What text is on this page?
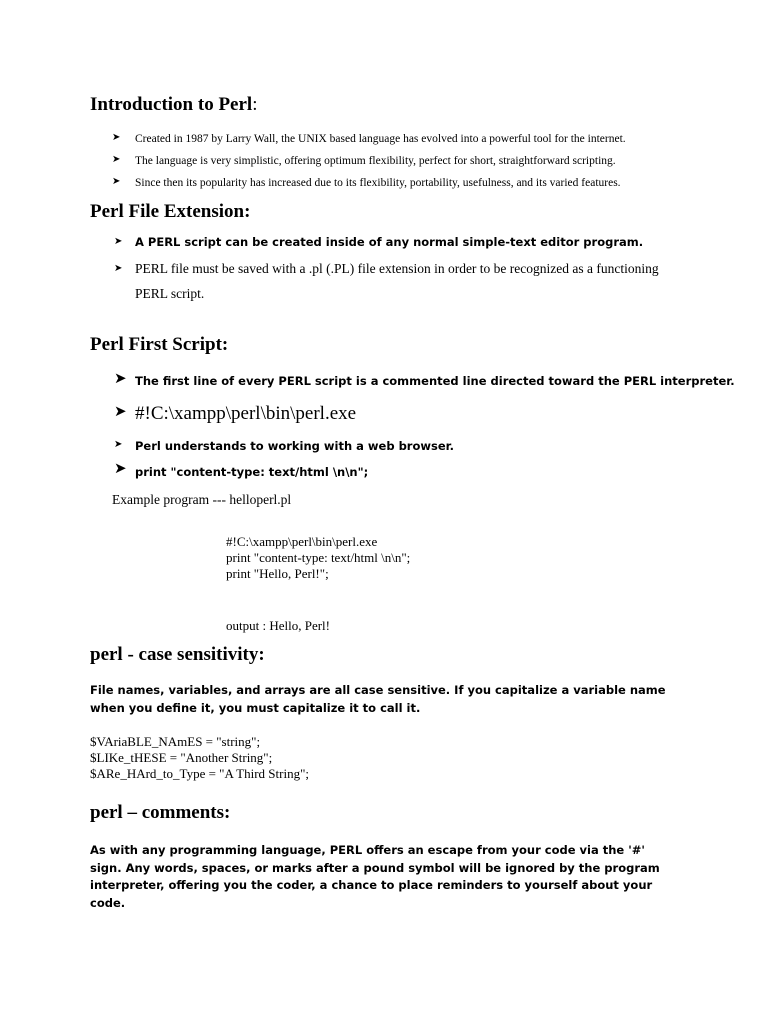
Introduction to Perl:
➤ Created in 1987 by Larry Wall, the UNIX based language has evolved into a powerful tool for the internet.
➤ The language is very simplistic, offering optimum flexibility, perfect for short, straightforward scripting.
➤ Since then its popularity has increased due to its flexibility, portability, usefulness, and its varied features.
Perl File Extension:
➤ A PERL script can be created inside of any normal simple-text editor program.
➤ PERL file must be saved with a .pl (.PL) file extension in order to be recognized as a functioning
PERL script.
Perl First Script:
➤ The first line of every PERL script is a commented line directed toward the PERL interpreter.
➤ #!C:\xampp\perl\bin\perl.exe
➤ Perl understands to working with a web browser.
➤ print "content-type: text/html \n\n";
Example program --- helloperl.pl
#!C:\xampp\perl\bin\perl.exe
print "content-type: text/html \n\n";
print "Hello, Perl!";
output : Hello, Perl!
perl - case sensitivity:
File names, variables, and arrays are all case sensitive. If you capitalize a variable name when you define it, you must capitalize it to call it.
$VAriaBLE_NAmES = "string";
$LIKe_tHESE = "Another String";
$ARe_HArd_to_Type = "A Third String";
perl – comments:
As with any programming language, PERL offers an escape from your code via the '#' sign. Any words, spaces, or marks after a pound symbol will be ignored by the program interpreter, offering you the coder, a chance to place reminders to yourself about your code.
